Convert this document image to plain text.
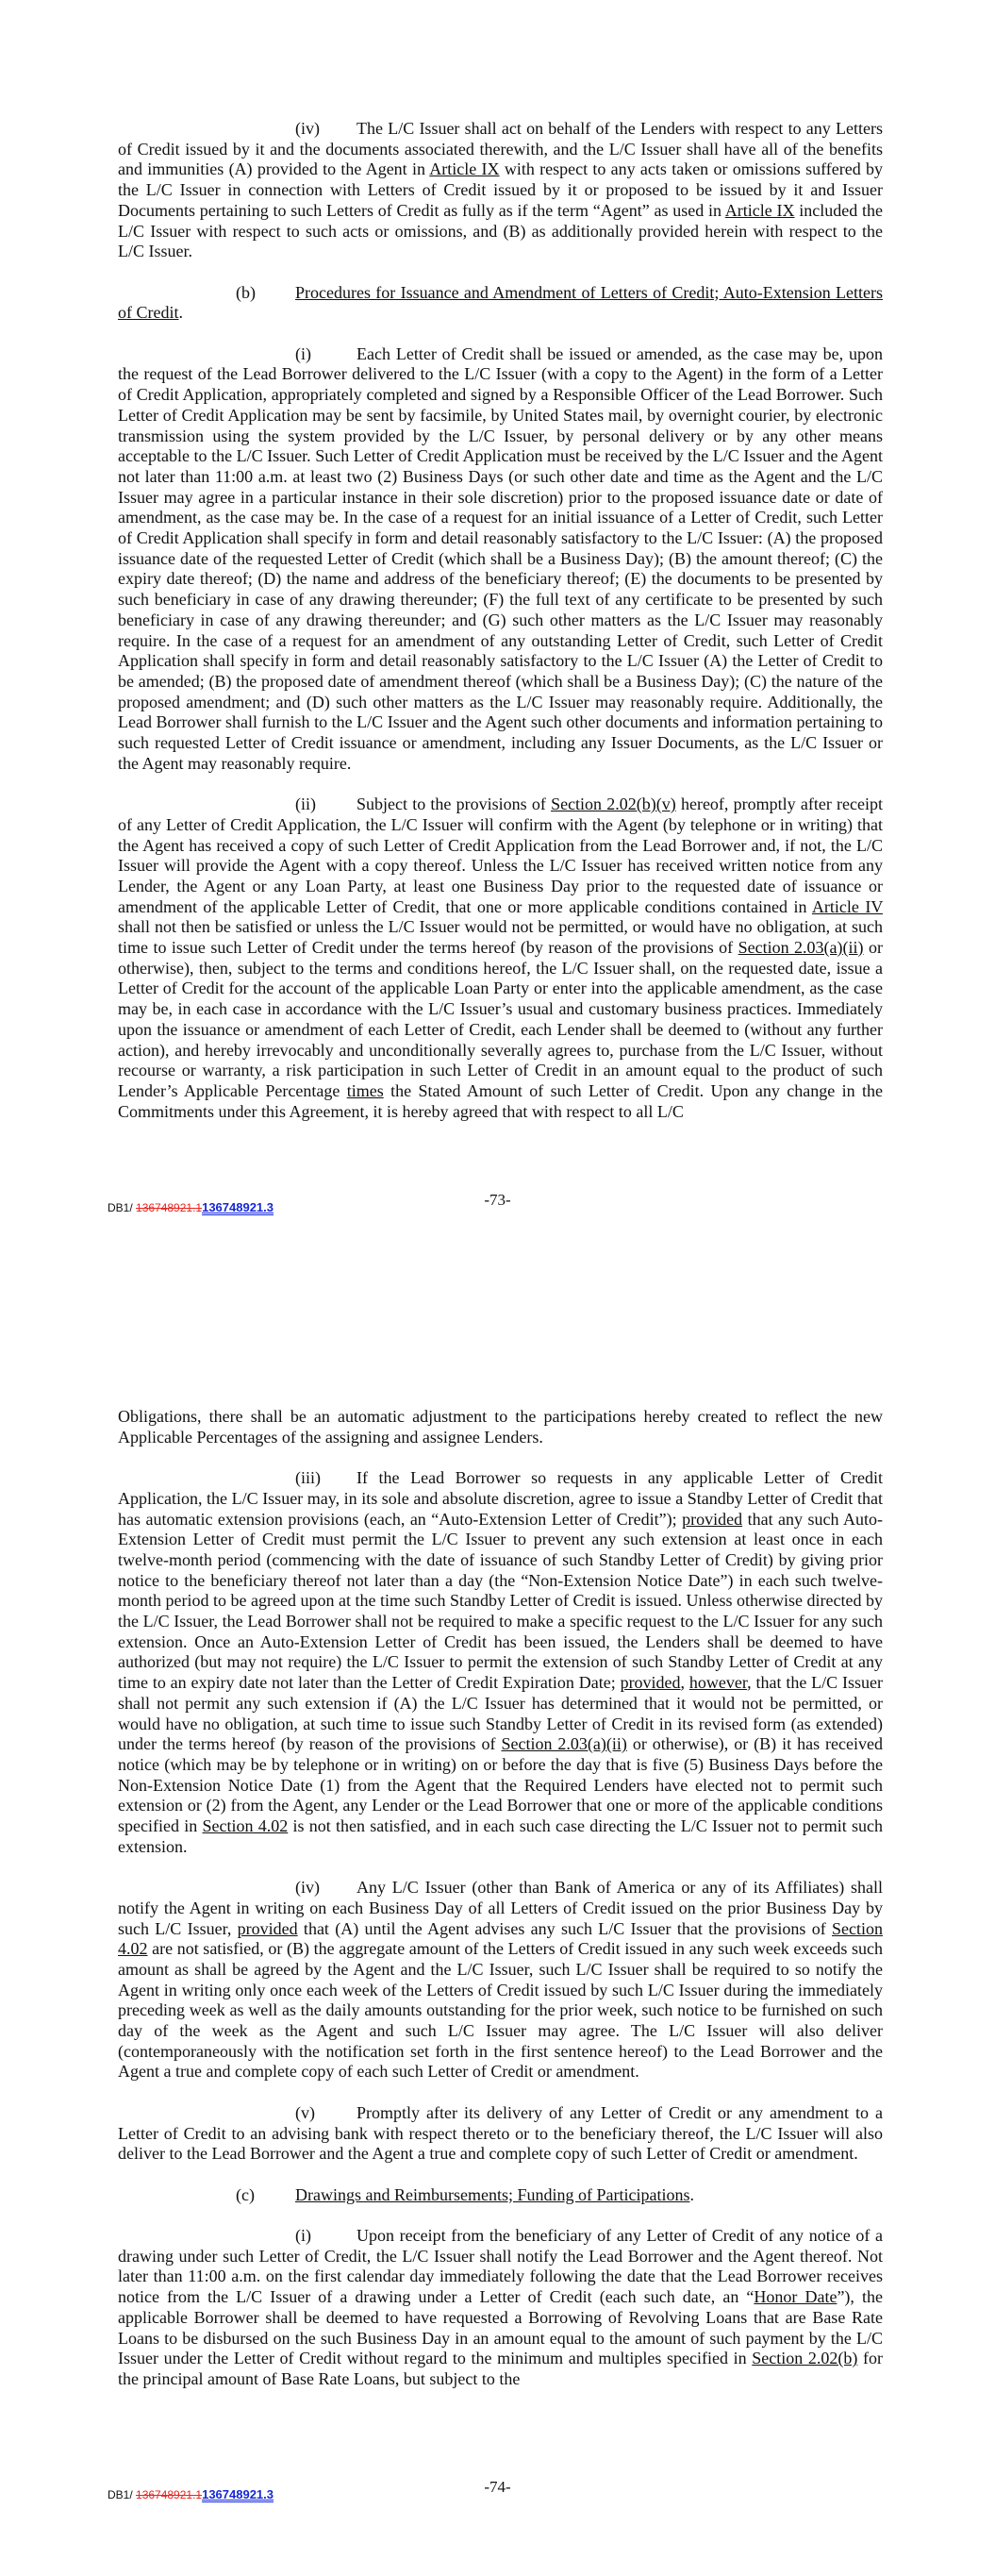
(iv) The L/C Issuer shall act on behalf of the Lenders with respect to any Letters of Credit issued by it and the documents associated therewith, and the L/C Issuer shall have all of the benefits and immunities (A) provided to the Agent in Article IX with respect to any acts taken or omissions suffered by the L/C Issuer in connection with Letters of Credit issued by it or proposed to be issued by it and Issuer Documents pertaining to such Letters of Credit as fully as if the term “Agent” as used in Article IX included the L/C Issuer with respect to such acts or omissions, and (B) as additionally provided herein with respect to the L/C Issuer.

(b) Procedures for Issuance and Amendment of Letters of Credit; Auto-Extension Letters of Credit.

(i)	Each Letter of Credit shall be issued or amended, as the case may be, upon the request of the Lead Borrower delivered to the L/C Issuer (with a copy to the Agent) in the form of a Letter of Credit Application, appropriately completed and signed by a Responsible Officer of the Lead Borrower. Such Letter of Credit Application may be sent by facsimile, by United States mail, by overnight courier, by electronic transmission using the system provided by the L/C Issuer, by personal delivery or by any other means acceptable to the L/C Issuer. Such Letter of Credit Application must be received by the L/C Issuer and the Agent not later than 11:00 a.m. at least two (2) Business Days (or such other date and time as the Agent and the L/C Issuer may agree in a particular instance in their sole discretion) prior to the proposed issuance date or date of amendment, as the case may be. In the case of a request for an initial issuance of a Letter of Credit, such Letter of Credit Application shall specify in form and detail reasonably satisfactory to the L/C Issuer: (A) the proposed issuance date of the requested Letter of Credit (which shall be a Business Day); (B) the amount thereof; (C) the expiry date thereof; (D) the name and address of the beneficiary thereof; (E) the documents to be presented by such beneficiary in case of any drawing thereunder; (F) the full text of any certificate to be presented by such beneficiary in case of any drawing thereunder; and (G) such other matters as the L/C Issuer may reasonably require. In the case of a request for an amendment of any outstanding Letter of Credit, such Letter of Credit Application shall specify in form and detail reasonably satisfactory to the L/C Issuer (A) the Letter of Credit to be amended; (B) the proposed date of amendment thereof (which shall be a Business Day); (C) the nature of the proposed amendment; and (D) such other matters as the L/C Issuer may reasonably require. Additionally, the Lead Borrower shall furnish to the L/C Issuer and the Agent such other documents and information pertaining to such requested Letter of Credit issuance or amendment, including any Issuer Documents, as the L/C Issuer or the Agent may reasonably require.

(ii) Subject to the provisions of Section 2.02(b)(v) hereof, promptly after receipt of any Letter of Credit Application, the L/C Issuer will confirm with the Agent (by telephone or in writing) that the Agent has received a copy of such Letter of Credit Application from the Lead Borrower and, if not, the L/C Issuer will provide the Agent with a copy thereof. Unless the L/C Issuer has received written notice from any Lender, the Agent or any Loan Party, at least one Business Day prior to the requested date of issuance or amendment of the applicable Letter of Credit, that one or more applicable conditions contained in Article IV shall not then be satisfied or unless the L/C Issuer would not be permitted, or would have no obligation, at such time to issue such Letter of Credit under the terms hereof (by reason of the provisions of Section 2.03(a)(ii) or otherwise), then, subject to the terms and conditions hereof, the L/C Issuer shall, on the requested date, issue a Letter of Credit for the account of the applicable Loan Party or enter into the applicable amendment, as the case may be, in each case in accordance with the L/C Issuer’s usual and customary business practices. Immediately upon the issuance or amendment of each Letter of Credit, each Lender shall be deemed to (without any further action), and hereby irrevocably and unconditionally severally agrees to, purchase from the L/C Issuer, without recourse or warranty, a risk participation in such Letter of Credit in an amount equal to the product of such Lender’s Applicable Percentage times the Stated Amount of such Letter of Credit. Upon any change in the Commitments under this Agreement, it is hereby agreed that with respect to all L/C

-73-
DB1/ 136748921.1136748921.3

Obligations, there shall be an automatic adjustment to the participations hereby created to reflect the new Applicable Percentages of the assigning and assignee Lenders.

(iii) If the Lead Borrower so requests in any applicable Letter of Credit Application, the L/C Issuer may, in its sole and absolute discretion, agree to issue a Standby Letter of Credit that has automatic extension provisions (each, an “Auto-Extension Letter of Credit”); provided that any such Auto-Extension Letter of Credit must permit the L/C Issuer to prevent any such extension at least once in each twelve-month period (commencing with the date of issuance of such Standby Letter of Credit) by giving prior notice to the beneficiary thereof not later than a day (the “Non-Extension Notice Date”) in each such twelve-month period to be agreed upon at the time such Standby Letter of Credit is issued. Unless otherwise directed by the L/C Issuer, the Lead Borrower shall not be required to make a specific request to the L/C Issuer for any such extension. Once an Auto-Extension Letter of Credit has been issued, the Lenders shall be deemed to have authorized (but may not require) the L/C Issuer to permit the extension of such Standby Letter of Credit at any time to an expiry date not later than the Letter of Credit Expiration Date; provided, however, that the L/C Issuer shall not permit any such extension if (A) the L/C Issuer has determined that it would not be permitted, or would have no obligation, at such time to issue such Standby Letter of Credit in its revised form (as extended) under the terms hereof (by reason of the provisions of Section 2.03(a)(ii) or otherwise), or (B) it has received notice (which may be by telephone or in writing) on or before the day that is five (5) Business Days before the Non-Extension Notice Date (1) from the Agent that the Required Lenders have elected not to permit such extension or (2) from the Agent, any Lender or the Lead Borrower that one or more of the applicable conditions specified in Section 4.02 is not then satisfied, and in each such case directing the L/C Issuer not to permit such extension.

(iv) Any L/C Issuer (other than Bank of America or any of its Affiliates) shall notify the Agent in writing on each Business Day of all Letters of Credit issued on the prior Business Day by such L/C Issuer, provided that (A) until the Agent advises any such L/C Issuer that the provisions of Section 4.02 are not satisfied, or (B) the aggregate amount of the Letters of Credit issued in any such week exceeds such amount as shall be agreed by the Agent and the L/C Issuer, such L/C Issuer shall be required to so notify the Agent in writing only once each week of the Letters of Credit issued by such L/C Issuer during the immediately preceding week as well as the daily amounts outstanding for the prior week, such notice to be furnished on such day of the week as the Agent and such L/C Issuer may agree. The L/C Issuer will also deliver (contemporaneously with the notification set forth in the first sentence hereof) to the Lead Borrower and the Agent a true and complete copy of each such Letter of Credit or amendment.

(v) Promptly after its delivery of any Letter of Credit or any amendment to a Letter of Credit to an advising bank with respect thereto or to the beneficiary thereof, the L/C Issuer will also deliver to the Lead Borrower and the Agent a true and complete copy of such Letter of Credit or amendment.

(c) Drawings and Reimbursements; Funding of Participations.

(i)	Upon receipt from the beneficiary of any Letter of Credit of any notice of a drawing under such Letter of Credit, the L/C Issuer shall notify the Lead Borrower and the Agent thereof. Not later than 11:00 a.m. on the first calendar day immediately following the date that the Lead Borrower receives notice from the L/C Issuer of a drawing under a Letter of Credit (each such date, an “Honor Date”), the applicable Borrower shall be deemed to have requested a Borrowing of Revolving Loans that are Base Rate Loans to be disbursed on the such Business Day in an amount equal to the amount of such payment by the L/C Issuer under the Letter of Credit without regard to the minimum and multiples specified in Section 2.02(b) for the principal amount of Base Rate Loans, but subject to the

-74-
DB1/ 136748921.1136748921.3
